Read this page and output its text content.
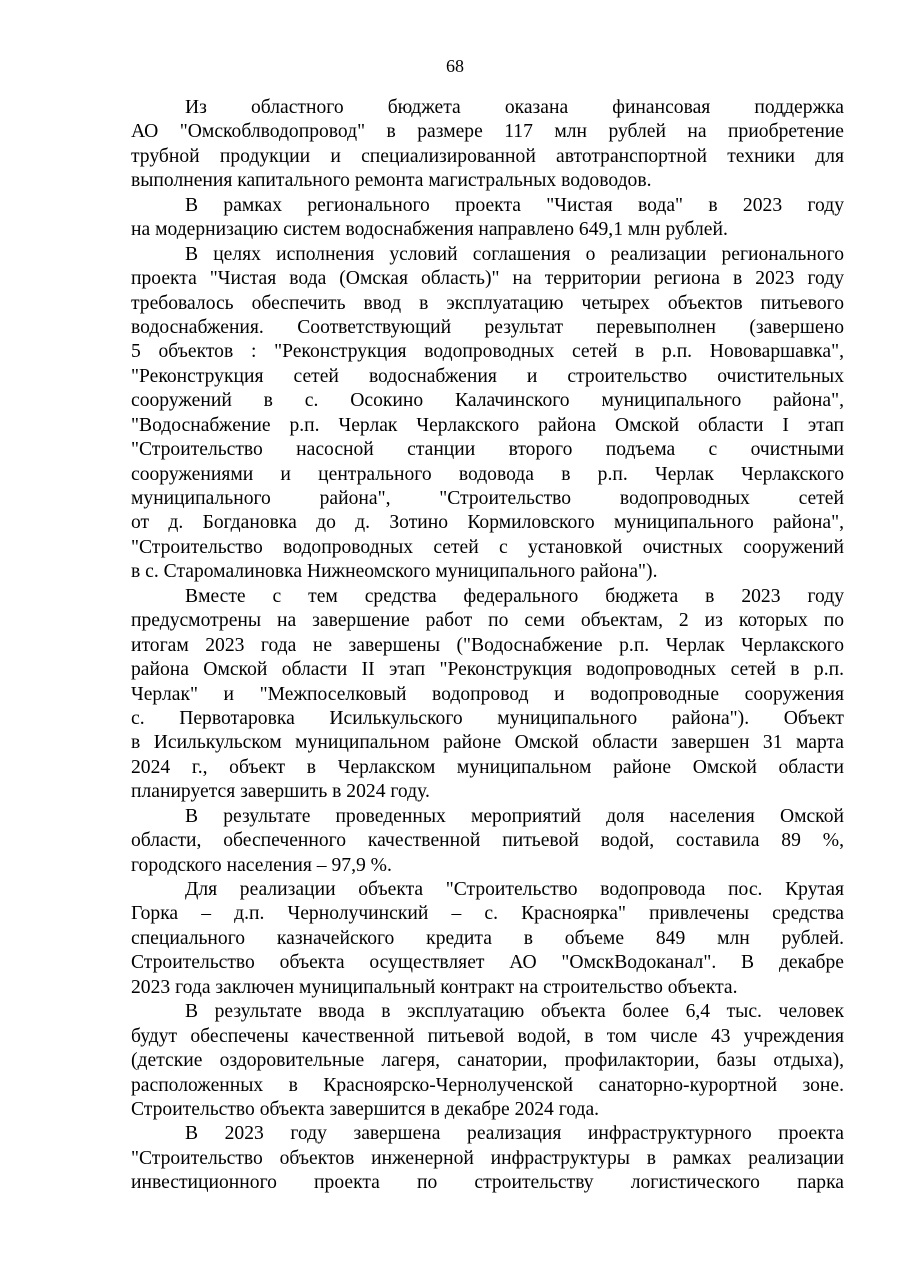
68
Из областного бюджета оказана финансовая поддержка
АО "Омскоблводопровод" в размере 117 млн рублей на приобретение
трубной продукции и специализированной автотранспортной техники для
выполнения капитального ремонта магистральных водоводов.
В рамках регионального проекта "Чистая вода" в 2023 году
на модернизацию систем водоснабжения направлено 649,1 млн рублей.
В целях исполнения условий соглашения о реализации регионального
проекта "Чистая вода (Омская область)" на территории региона в 2023 году
требовалось обеспечить ввод в эксплуатацию четырех объектов питьевого
водоснабжения. Соответствующий результат перевыполнен (завершено
5 объектов : "Реконструкция водопроводных сетей в р.п. Нововаршавка",
"Реконструкция сетей водоснабжения и строительство очистительных
сооружений в с. Осокино Калачинского муниципального района",
"Водоснабжение р.п. Черлак Черлакского района Омской области I этап
"Строительство насосной станции второго подъема с очистными
сооружениями и центрального водовода в р.п. Черлак Черлакского
муниципального района", "Строительство водопроводных сетей
от д. Богдановка до д. Зотино Кормиловского муниципального района",
"Строительство водопроводных сетей с установкой очистных сооружений
в с. Старомалиновка Нижнеомского муниципального района").
Вместе с тем средства федерального бюджета в 2023 году
предусмотрены на завершение работ по семи объектам, 2 из которых по
итогам 2023 года не завершены ("Водоснабжение р.п. Черлак Черлакского
района Омской области II этап "Реконструкция водопроводных сетей в р.п.
Черлак" и "Межпоселковый водопровод и водопроводные сооружения
с. Первотаровка Исилькульского муниципального района"). Объект
в Исилькульском муниципальном районе Омской области завершен 31 марта
2024 г., объект в Черлакском муниципальном районе Омской области
планируется завершить в 2024 году.
В результате проведенных мероприятий доля населения Омской
области, обеспеченного качественной питьевой водой, составила 89 %,
городского населения – 97,9 %.
Для реализации объекта "Строительство водопровода пос. Крутая
Горка – д.п. Чернолучинский – с. Красноярка" привлечены средства
специального казначейского кредита в объеме 849 млн рублей.
Строительство объекта осуществляет АО "ОмскВодоканал". В декабре
2023 года заключен муниципальный контракт на строительство объекта.
В результате ввода в эксплуатацию объекта более 6,4 тыс. человек
будут обеспечены качественной питьевой водой, в том числе 43 учреждения
(детские оздоровительные лагеря, санатории, профилактории, базы отдыха),
расположенных в Красноярско-Чернолученской санаторно-курортной зоне.
Строительство объекта завершится в декабре 2024 года.
В 2023 году завершена реализация инфраструктурного проекта
"Строительство объектов инженерной инфраструктуры в рамках реализации
инвестиционного проекта по строительству логистического парка
